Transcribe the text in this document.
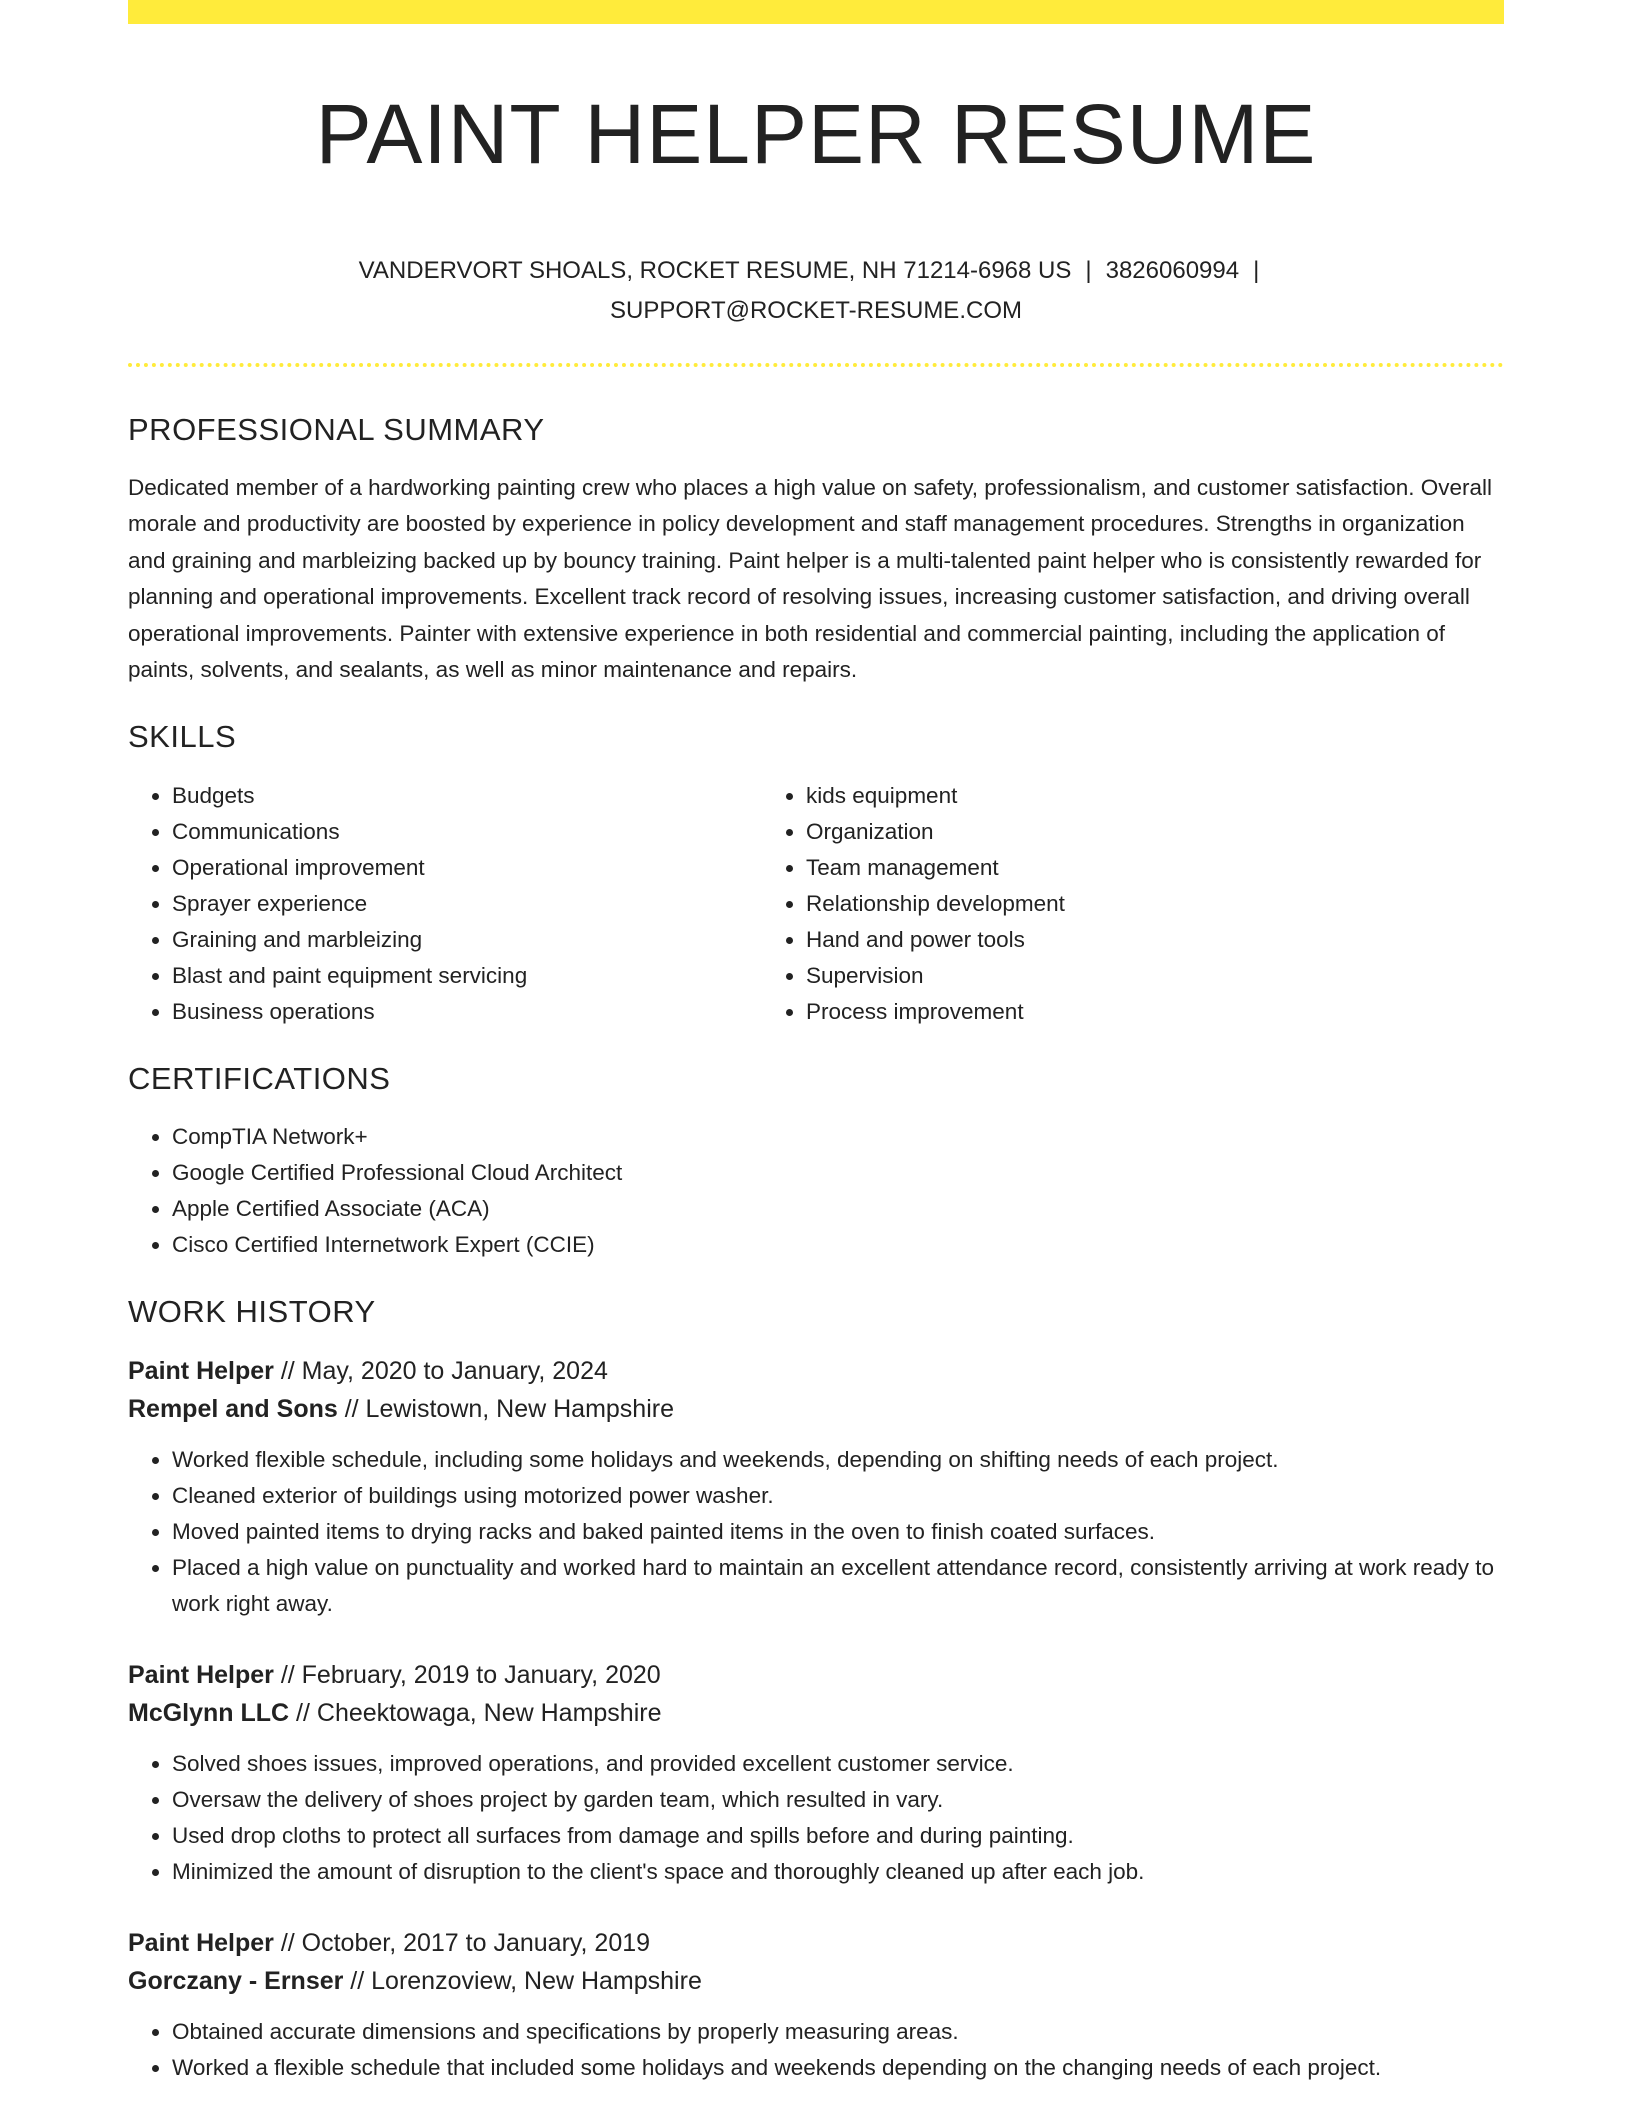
PAINT HELPER RESUME
VANDERVORT SHOALS, ROCKET RESUME, NH 71214-6968 US | 3826060994 |
SUPPORT@ROCKET-RESUME.COM
PROFESSIONAL SUMMARY

Dedicated member of a hardworking painting crew who places a high value on safety, professionalism, and customer satisfaction. Overall morale and productivity are boosted by experience in policy development and staff management procedures. Strengths in organization and graining and marbleizing backed up by bouncy training. Paint helper is a multi-talented paint helper who is consistently rewarded for planning and operational improvements. Excellent track record of resolving issues, increasing customer satisfaction, and driving overall operational improvements. Painter with extensive experience in both residential and commercial painting, including the application of paints, solvents, and sealants, as well as minor maintenance and repairs.

SKILLS
• Budgets
• Communications
• Operational improvement
• Sprayer experience
• Graining and marbleizing
• Blast and paint equipment servicing
• Business operations
• kids equipment
• Organization
• Team management
• Relationship development
• Hand and power tools
• Supervision
• Process improvement
CERTIFICATIONS
• CompTIA Network+
• Google Certified Professional Cloud Architect
• Apple Certified Associate (ACA)
• Cisco Certified Internetwork Expert (CCIE)
WORK HISTORY
Paint Helper // May, 2020 to January, 2024
Rempel and Sons // Lewistown, New Hampshire
• Worked flexible schedule, including some holidays and weekends, depending on shifting needs of each project.
• Cleaned exterior of buildings using motorized power washer.
• Moved painted items to drying racks and baked painted items in the oven to finish coated surfaces.
• Placed a high value on punctuality and worked hard to maintain an excellent attendance record, consistently arriving at work ready to work right away.
Paint Helper // February, 2019 to January, 2020
McGlynn LLC // Cheektowaga, New Hampshire
• Solved shoes issues, improved operations, and provided excellent customer service.
• Oversaw the delivery of shoes project by garden team, which resulted in vary.
• Used drop cloths to protect all surfaces from damage and spills before and during painting.
• Minimized the amount of disruption to the client's space and thoroughly cleaned up after each job.
Paint Helper // October, 2017 to January, 2019
Gorczany - Ernser // Lorenzoview, New Hampshire
• Obtained accurate dimensions and specifications by properly measuring areas.
• Worked a flexible schedule that included some holidays and weekends depending on the changing needs of each project.
